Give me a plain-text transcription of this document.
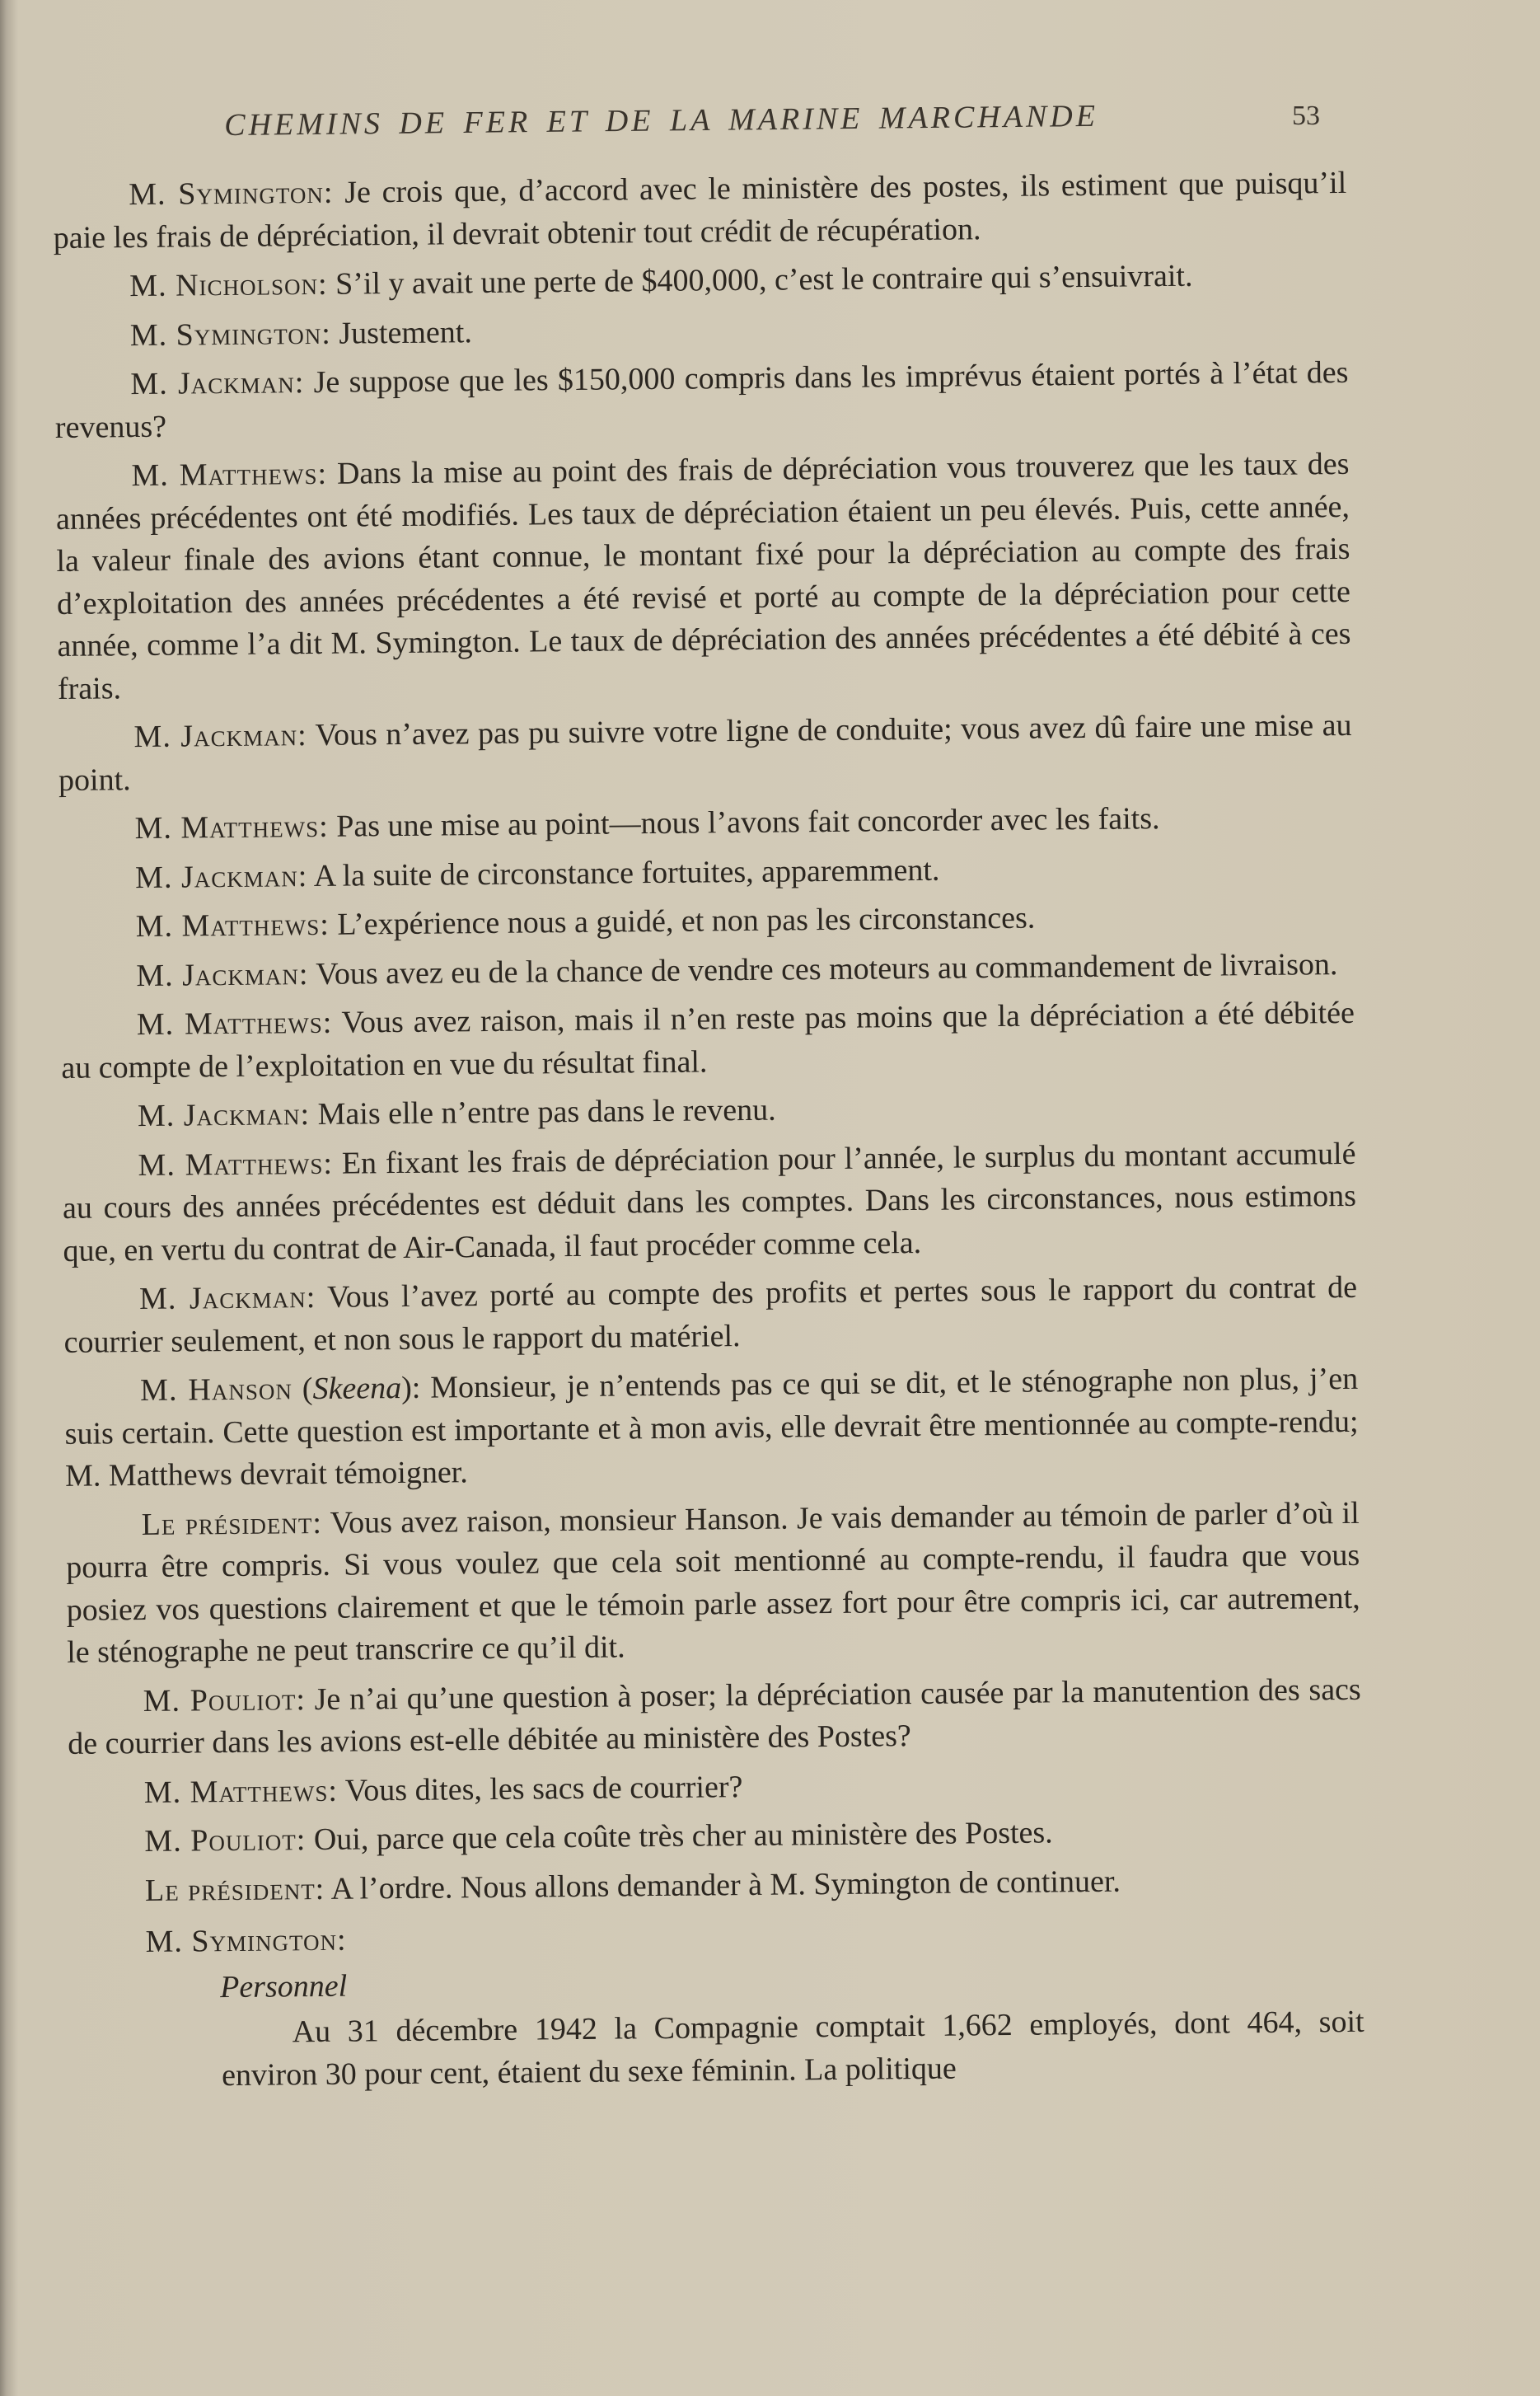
CHEMINS DE FER ET DE LA MARINE MARCHANDE	53

M. Symington: Je crois que, d’accord avec le ministère des postes, ils estiment que puisqu’il paie les frais de dépréciation, il devrait obtenir tout crédit de récupération.

M. Nicholson: S’il y avait une perte de $400,000, c’est le contraire qui s’ensuivrait.

M. Symington: Justement.

M. Jackman: Je suppose que les $150,000 compris dans les imprévus étaient portés à l’état des revenus?

M. Matthews: Dans la mise au point des frais de dépréciation vous trouverez que les taux des années précédentes ont été modifiés. Les taux de dépréciation étaient un peu élevés. Puis, cette année, la valeur finale des avions étant connue, le montant fixé pour la dépréciation au compte des frais d’exploitation des années précédentes a été revisé et porté au compte de la dépréciation pour cette année, comme l’a dit M. Symington. Le taux de dépréciation des années précédentes a été débité à ces frais.

M. Jackman: Vous n’avez pas pu suivre votre ligne de conduite; vous avez dû faire une mise au point.

M. Matthews: Pas une mise au point—nous l’avons fait concorder avec les faits.

M. Jackman: A la suite de circonstance fortuites, apparemment.

M. Matthews: L’expérience nous a guidé, et non pas les circonstances.

M. Jackman: Vous avez eu de la chance de vendre ces moteurs au commandement de livraison.

M. Matthews: Vous avez raison, mais il n’en reste pas moins que la dépréciation a été débitée au compte de l’exploitation en vue du résultat final.

M. Jackman: Mais elle n’entre pas dans le revenu.

M. Matthews: En fixant les frais de dépréciation pour l’année, le surplus du montant accumulé au cours des années précédentes est déduit dans les comptes. Dans les circonstances, nous estimons que, en vertu du contrat de Air-Canada, il faut procéder comme cela.

M. Jackman: Vous l’avez porté au compte des profits et pertes sous le rapport du contrat de courrier seulement, et non sous le rapport du matériel.

M. Hanson (Skeena): Monsieur, je n’entends pas ce qui se dit, et le sténographe non plus, j’en suis certain. Cette question est importante et à mon avis, elle devrait être mentionnée au compte-rendu; M. Matthews devrait témoigner.

Le président: Vous avez raison, monsieur Hanson. Je vais demander au témoin de parler d’où il pourra être compris. Si vous voulez que cela soit mentionné au compte-rendu, il faudra que vous posiez vos questions clairement et que le témoin parle assez fort pour être compris ici, car autrement, le sténographe ne peut transcrire ce qu’il dit.

M. Pouliot: Je n’ai qu’une question à poser; la dépréciation causée par la manutention des sacs de courrier dans les avions est-elle débitée au ministère des Postes?

M. Matthews: Vous dites, les sacs de courrier?

M. Pouliot: Oui, parce que cela coûte très cher au ministère des Postes.

Le président: A l’ordre. Nous allons demander à M. Symington de continuer.

M. Symington:

Personnel

Au 31 décembre 1942 la Compagnie comptait 1,662 employés, dont 464, soit environ 30 pour cent, étaient du sexe féminin. La politique
